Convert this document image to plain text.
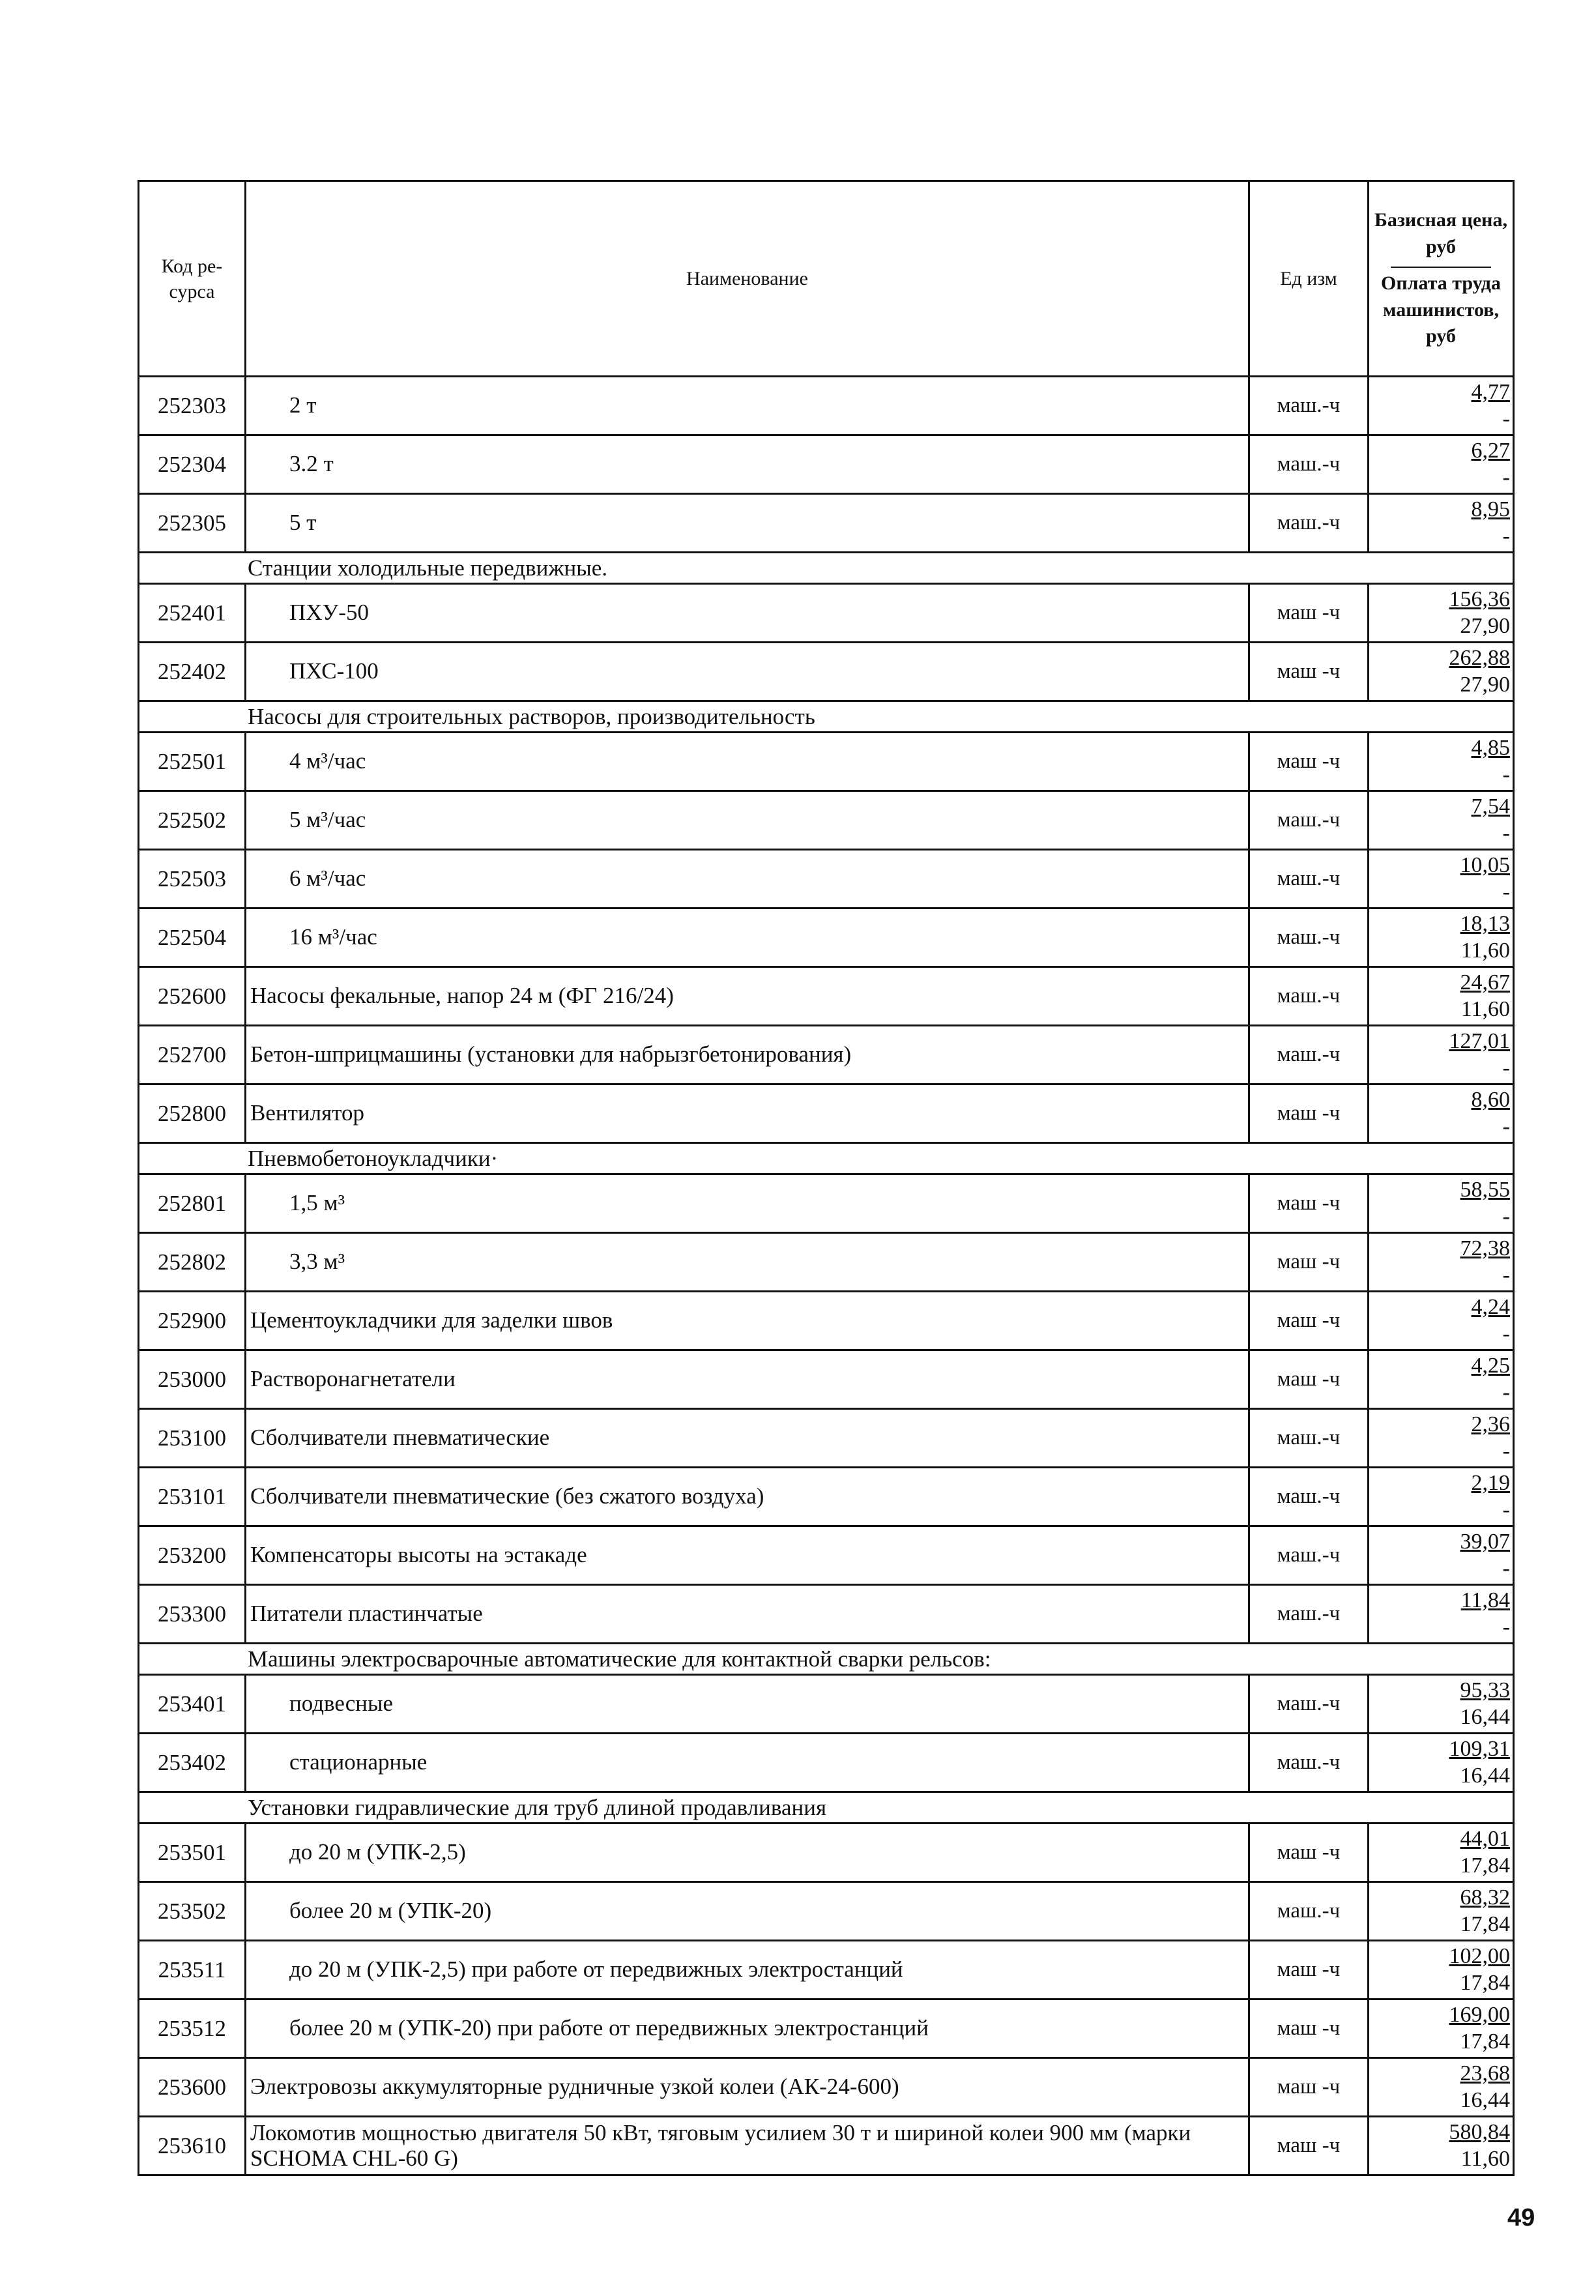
Код ре-сурса	Наименование	Ед изм	Базисная цена, руб
Оплата труда машинистов, руб
252303	2 т	маш.-ч	4,77
-

252304	3.2 т	маш.-ч	6,27
-

252305	5 т	маш.-ч	8,95
-

Станции холодильные передвижные.			
252401	ПХУ-50	маш -ч	156,36
27,90

252402	ПХС-100	маш -ч	262,88
27,90

Насосы для строительных растворов, производительность			
252501	4 м³/час	маш -ч	4,85
-

252502	5 м³/час	маш.-ч	7,54
-

252503	6 м³/час	маш.-ч	10,05
-

252504	16 м³/час	маш.-ч	18,13
11,60

252600	Насосы фекальные, напор 24 м (ФГ 216/24)	маш.-ч	24,67
11,60

252700	Бетон-шприцмашины (установки для набрызгбетонирования)	маш.-ч	127,01
-

252800	Вентилятор	маш -ч	8,60
-

Пневмобетоноукладчики·			
252801	1,5 м³	маш -ч	58,55
-

252802	3,3 м³	маш -ч	72,38
-

252900	Цементоукладчики для заделки швов	маш -ч	4,24
-

253000	Растворонагнетатели	маш -ч	4,25
-

253100	Сболчиватели пневматические	маш.-ч	2,36
-

253101	Сболчиватели пневматические (без сжатого воздуха)	маш.-ч	2,19
-

253200	Компенсаторы высоты на эстакаде	маш.-ч	39,07
-

253300	Питатели пластинчатые	маш.-ч	11,84
-

Машины электросварочные автоматические для контактной сварки рельсов:			
253401	подвесные	маш.-ч	95,33
16,44

253402	стационарные	маш.-ч	109,31
16,44

Установки гидравлические для труб длиной продавливания			
253501	до 20 м (УПК-2,5)	маш -ч	44,01
17,84

253502	более 20 м (УПК-20)	маш.-ч	68,32
17,84

253511	до 20 м (УПК-2,5) при работе от передвижных электростанций	маш -ч	102,00
17,84

253512	более 20 м (УПК-20) при работе от передвижных электростанций	маш -ч	169,00
17,84

253600	Электровозы аккумуляторные рудничные узкой колеи (АК-24-600)	маш -ч	23,68
16,44

253610	Локомотив мощностью двигателя 50 кВт, тяговым усилием 30 т и шириной колеи 900 мм (марки SCHOMA CHL-60 G)	маш -ч	580,84
11,60
49
